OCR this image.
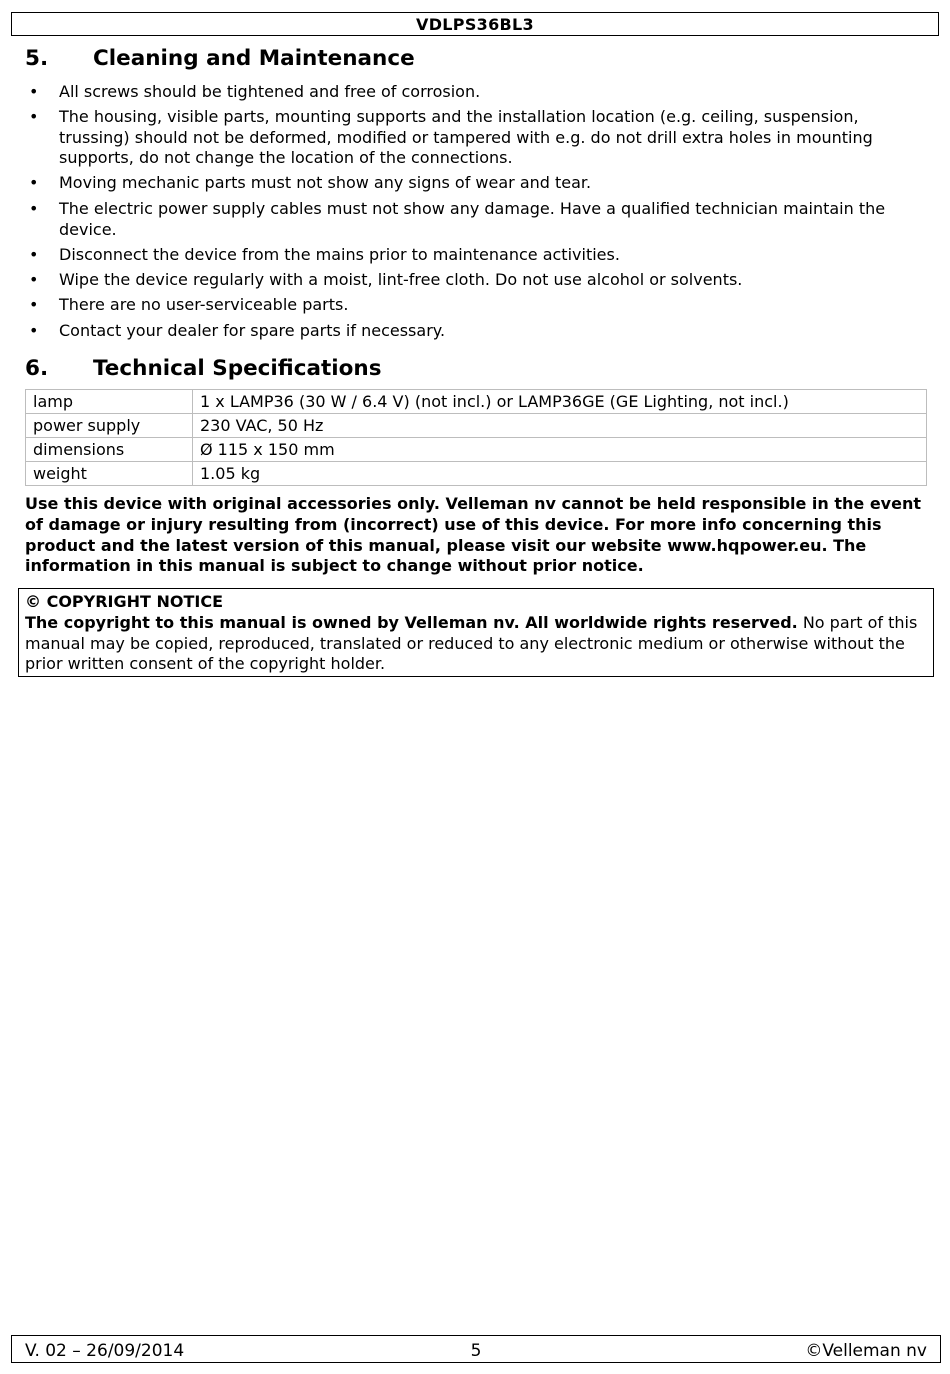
VDLPS36BL3
5. Cleaning and Maintenance
• All screws should be tightened and free of corrosion.
• The housing, visible parts, mounting supports and the installation location (e.g. ceiling, suspension, trussing) should not be deformed, modified or tampered with e.g. do not drill extra holes in mounting supports, do not change the location of the connections.
• Moving mechanic parts must not show any signs of wear and tear.
• The electric power supply cables must not show any damage. Have a qualified technician maintain the device.
• Disconnect the device from the mains prior to maintenance activities.
• Wipe the device regularly with a moist, lint-free cloth. Do not use alcohol or solvents.
• There are no user-serviceable parts.
• Contact your dealer for spare parts if necessary.
6. Technical Specifications
lamp	1 x LAMP36 (30 W / 6.4 V) (not incl.) or LAMP36GE (GE Lighting, not incl.)
power supply	230 VAC, 50 Hz
dimensions	Ø 115 x 150 mm
weight	1.05 kg

Use this device with original accessories only. Velleman nv cannot be held responsible in the event of damage or injury resulting from (incorrect) use of this device. For more info concerning this product and the latest version of this manual, please visit our website www.hqpower.eu. The information in this manual is subject to change without prior notice.

© COPYRIGHT NOTICE
The copyright to this manual is owned by Velleman nv. All worldwide rights reserved. No part of this manual may be copied, reproduced, translated or reduced to any electronic medium or otherwise without the prior written consent of the copyright holder.
V. 02 – 26/09/2014	5	©Velleman nv
